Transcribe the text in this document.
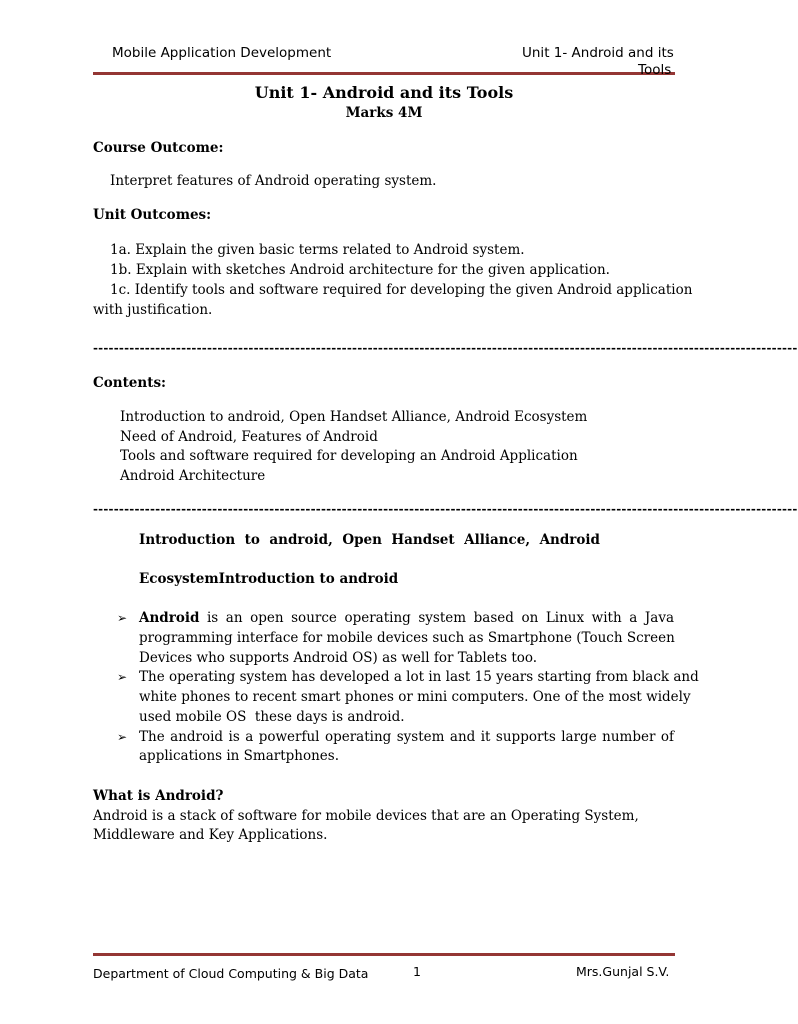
Mobile Application Development	Unit 1- Android and its
Tools
Unit 1- Android and its Tools
Marks 4M
Course Outcome:
Interpret features of Android operating system.
Unit Outcomes:
1a. Explain the given basic terms related to Android system.
1b. Explain with sketches Android architecture for the given application.
1c. Identify tools and software required for developing the given Android application
with justification.
----------------------------------------------------------------------------------------------------------------------------------------
Contents:
Introduction to android, Open Handset Alliance, Android Ecosystem
Need of Android, Features of Android
Tools and software required for developing an Android Application
Android Architecture
----------------------------------------------------------------------------------------------------------------------------------------
Introduction to android, Open Handset Alliance, Android
EcosystemIntroduction to android
➢ Android is an open source operating system based on Linux with a Java
programming interface for mobile devices such as Smartphone (Touch Screen
Devices who supports Android OS) as well for Tablets too.
➢ The operating system has developed a lot in last 15 years starting from black and
white phones to recent smart phones or mini computers. One of the most widely
used mobile OS  these days is android.
➢ The android is a powerful operating system and it supports large number of
applications in Smartphones.
What is Android?
Android is a stack of software for mobile devices that are an Operating System,
Middleware and Key Applications.
Department of Cloud Computing & Big Data	1	Mrs.Gunjal S.V.
